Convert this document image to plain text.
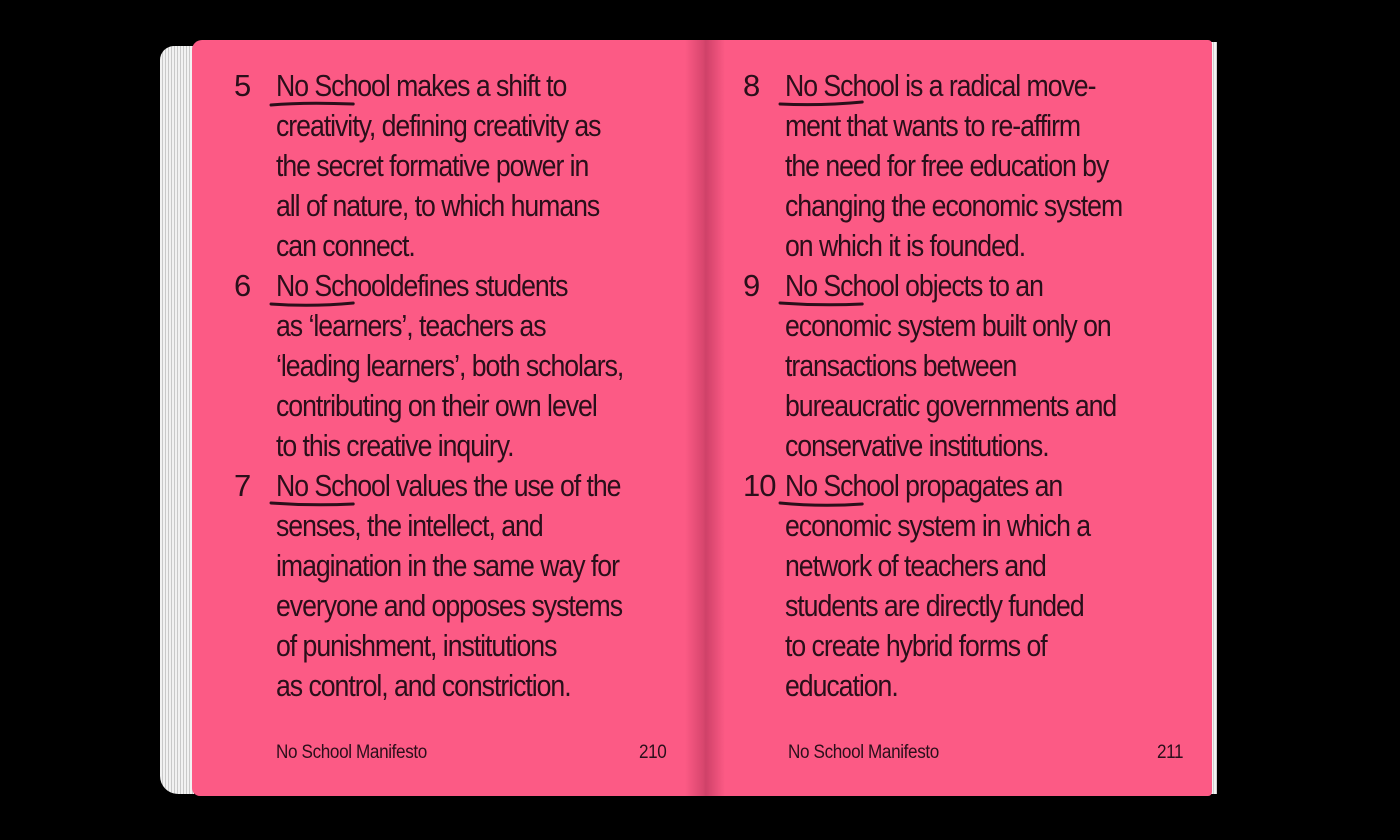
5 No School makes a shift to
creativity, defining creativity as
the secret formative power in
all of nature, to which humans
can connect.
6 No School
defines students
as ‘learners’, teachers as
‘leading learners’, both scholars,
contributing on their own level
to this creative inquiry.
7 No School values the use of the
senses, the intellect, and
imagination in the same way for
everyone and opposes systems
of punishment, institutions
as control, and constriction.
8 No School is a radical move-
ment that wants to re-affirm
the need for free education by
changing the economic system
on which it is founded.
9 No School objects to an
economic system built only on
transactions between
bureaucratic governments and
conservative institutions.
10 No School propagates an
economic system in which a
network of teachers and
students are directly funded
to create hybrid forms of
education.
No School Manifesto	210	No School Manifesto	211
